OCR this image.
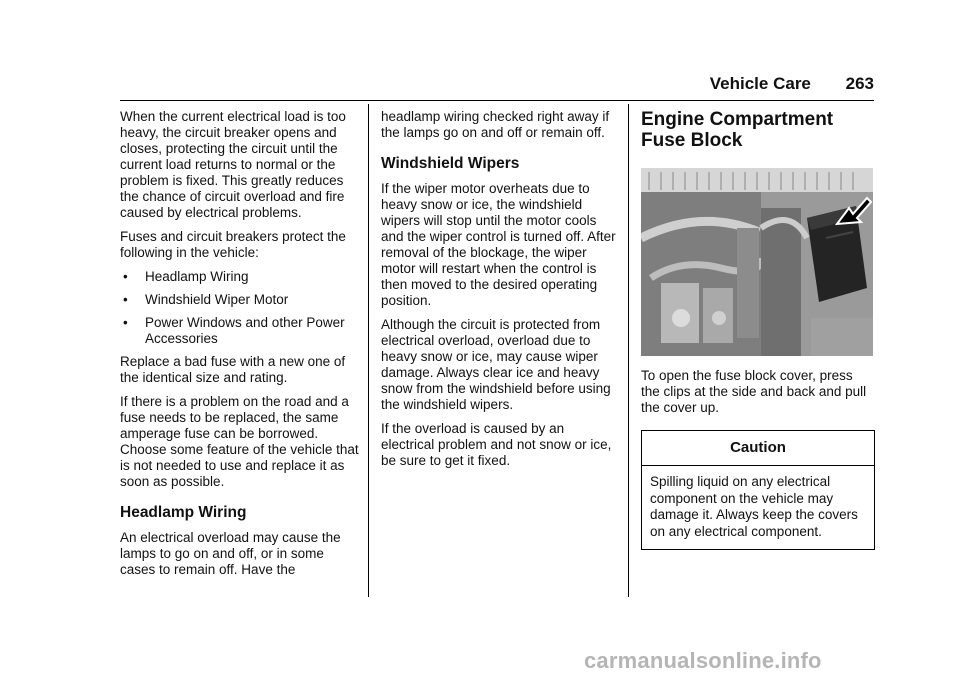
Vehicle Care 263

When the current electrical load is too heavy, the circuit breaker opens and closes, protecting the circuit until the current load returns to normal or the problem is fixed. This greatly reduces the chance of circuit overload and fire caused by electrical problems.

Fuses and circuit breakers protect the following in the vehicle:

• Headlamp Wiring
• Windshield Wiper Motor
• Power Windows and other Power Accessories

Replace a bad fuse with a new one of the identical size and rating.

If there is a problem on the road and a fuse needs to be replaced, the same amperage fuse can be borrowed. Choose some feature of the vehicle that is not needed to use and replace it as soon as possible.

Headlamp Wiring

An electrical overload may cause the lamps to go on and off, or in some cases to remain off. Have the

headlamp wiring checked right away if the lamps go on and off or remain off.

Windshield Wipers

If the wiper motor overheats due to heavy snow or ice, the windshield wipers will stop until the motor cools and the wiper control is turned off. After removal of the blockage, the wiper motor will restart when the control is then moved to the desired operating position.

Although the circuit is protected from electrical overload, overload due to heavy snow or ice, may cause wiper damage. Always clear ice and heavy snow from the windshield before using the windshield wipers.

If the overload is caused by an electrical problem and not snow or ice, be sure to get it fixed.

Engine Compartment
Fuse Block

To open the fuse block cover, press the clips at the side and back and pull the cover up.

Caution
Spilling liquid on any electrical component on the vehicle may damage it. Always keep the covers on any electrical component.
carmanualsonline.info
